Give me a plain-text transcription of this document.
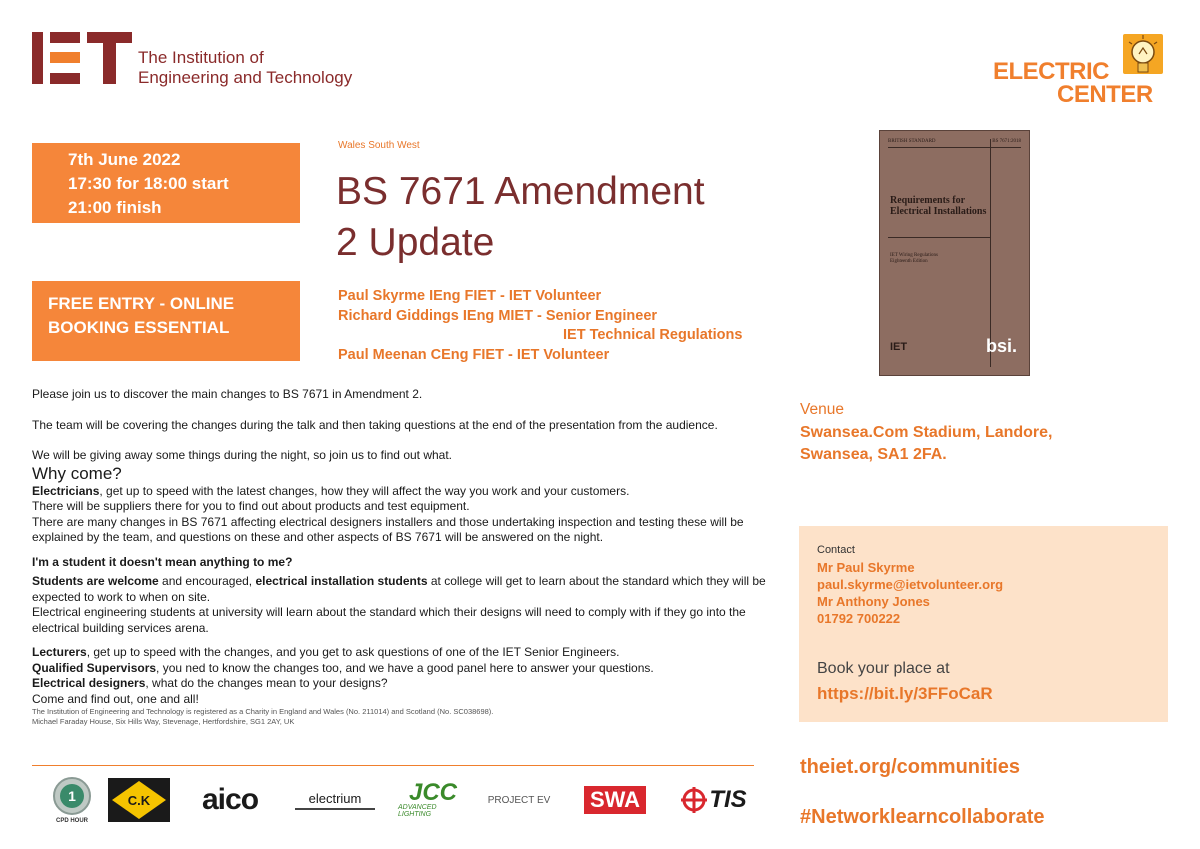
The Institution of
Engineering and Technology	ELECTRIC
CENTER
7th June 2022
17:30 for 18:00 start
21:00 finish
FREE ENTRY - ONLINE
BOOKING ESSENTIAL
Wales South West
BS 7671 Amendment
2 Update
Paul Skyrme IEng FIET - IET Volunteer
Richard Giddings IEng MIET - Senior Engineer
IET Technical Regulations
Paul Meenan CEng FIET - IET Volunteer
BRITISH STANDARD	BS 7671:2018
Requirements for Electrical Installations
IET Wiring Regulations
Eighteenth Edition
IET	bsi.

Please join us to discover the main changes to BS 7671 in Amendment 2.

The team will be covering the changes during the talk and then taking questions at the end of the presentation from the audience.

We will be giving away some things during the night, so join us to find out what.

Why come?

Electricians, get up to speed with the latest changes, how they will affect the way you work and your customers.

There will be suppliers there for you to find out about products and test equipment.

There are many changes in BS 7671 affecting electrical designers installers and those undertaking inspection and testing these will be explained by the team, and questions on these and other aspects of BS 7671 will be answered on the night.

I'm a student it doesn't mean anything to me?

Students are welcome and encouraged, electrical installation students at college will get to learn about the standard which they will be expected to work to when on site.

Electrical engineering students at university will learn about the standard which their designs will need to comply with if they go into the electrical building services arena.

Lecturers, get up to speed with the changes, and you get to ask questions of one of the IET Senior Engineers.

Qualified Supervisors, you ned to know the changes too, and we have a good panel here to answer your questions.

Electrical designers, what do the changes mean to your designs?

Come and find out, one and all!

The Institution of Engineering and Technology is registered as a Charity in England and Wales (No. 211014) and Scotland (No. SC038698).
Michael Faraday House, Six Hills Way, Stevenage, Hertfordshire, SG1 2AY, UK

1
CPD HOUR
C.K	aico	electrium	JCC
ADVANCED LIGHTING
PROJECT EV SWA	TIS
Venue
Swansea.Com Stadium, Landore,
Swansea, SA1 2FA.
Contact
Mr Paul Skyrme
paul.skyrme@ietvolunteer.org
Mr Anthony Jones
01792 700222
Book your place at
https://bit.ly/3FFoCaR
theiet.org/communities
#Networklearncollaborate
